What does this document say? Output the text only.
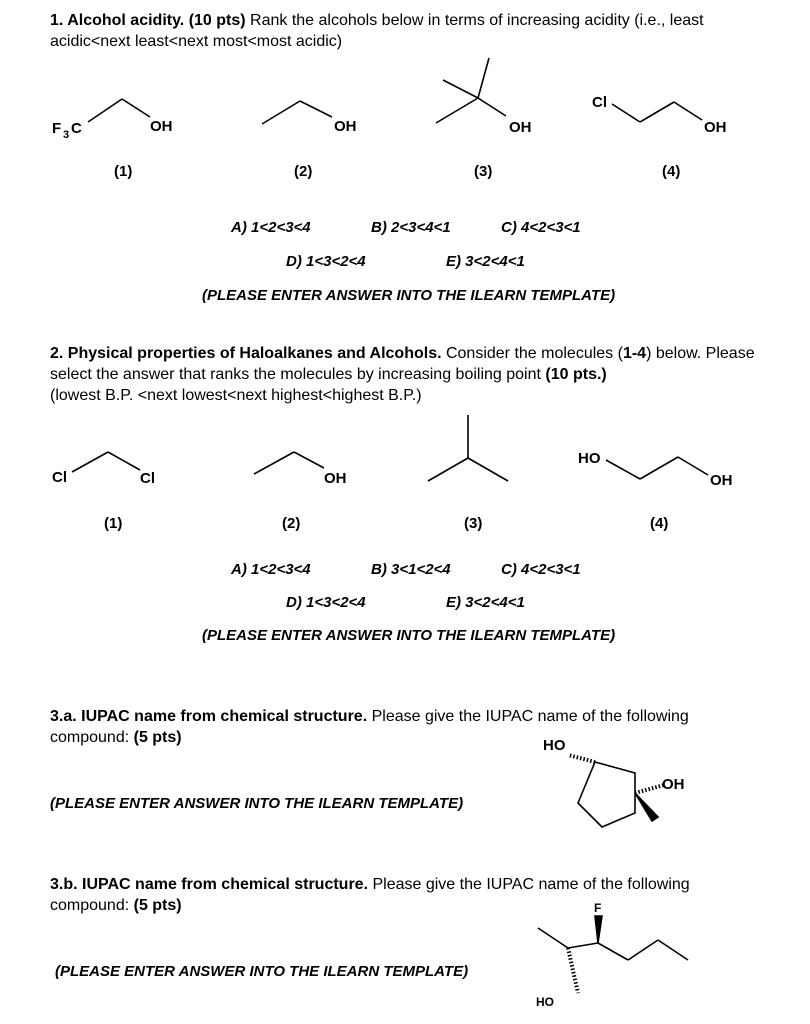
1. Alcohol acidity. (10 pts) Rank the alcohols below in terms of increasing acidity (i.e., least
acidic<next least<next most<most acidic)
F 3 C	OH
(1)
OH
(2)
OH
(3)
Cl
OH
(4)
A) 1<2<3<4	B) 2<3<4<1	C) 4<2<3<1
D) 1<3<2<4	E) 3<2<4<1
(PLEASE ENTER ANSWER INTO THE ILEARN TEMPLATE)
2. Physical properties of Haloalkanes and Alcohols. Consider the molecules (1-4) below. Please
select the answer that ranks the molecules by increasing boiling point (10 pts.)
(lowest B.P. <next lowest<next highest<highest B.P.)
Cl	Cl
(1)
OH
(2)	(3)
HO
OH
(4)
A) 1<2<3<4	B) 3<1<2<4	C) 4<2<3<1
D) 1<3<2<4	E) 3<2<4<1
(PLEASE ENTER ANSWER INTO THE ILEARN TEMPLATE)
3.a. IUPAC name from chemical structure. Please give the IUPAC name of the following
compound: (5 pts)	HO
OH
(PLEASE ENTER ANSWER INTO THE ILEARN TEMPLATE)
3.b. IUPAC name from chemical structure. Please give the IUPAC name of the following
compound: (5 pts)	F
HO
(PLEASE ENTER ANSWER INTO THE ILEARN TEMPLATE)
